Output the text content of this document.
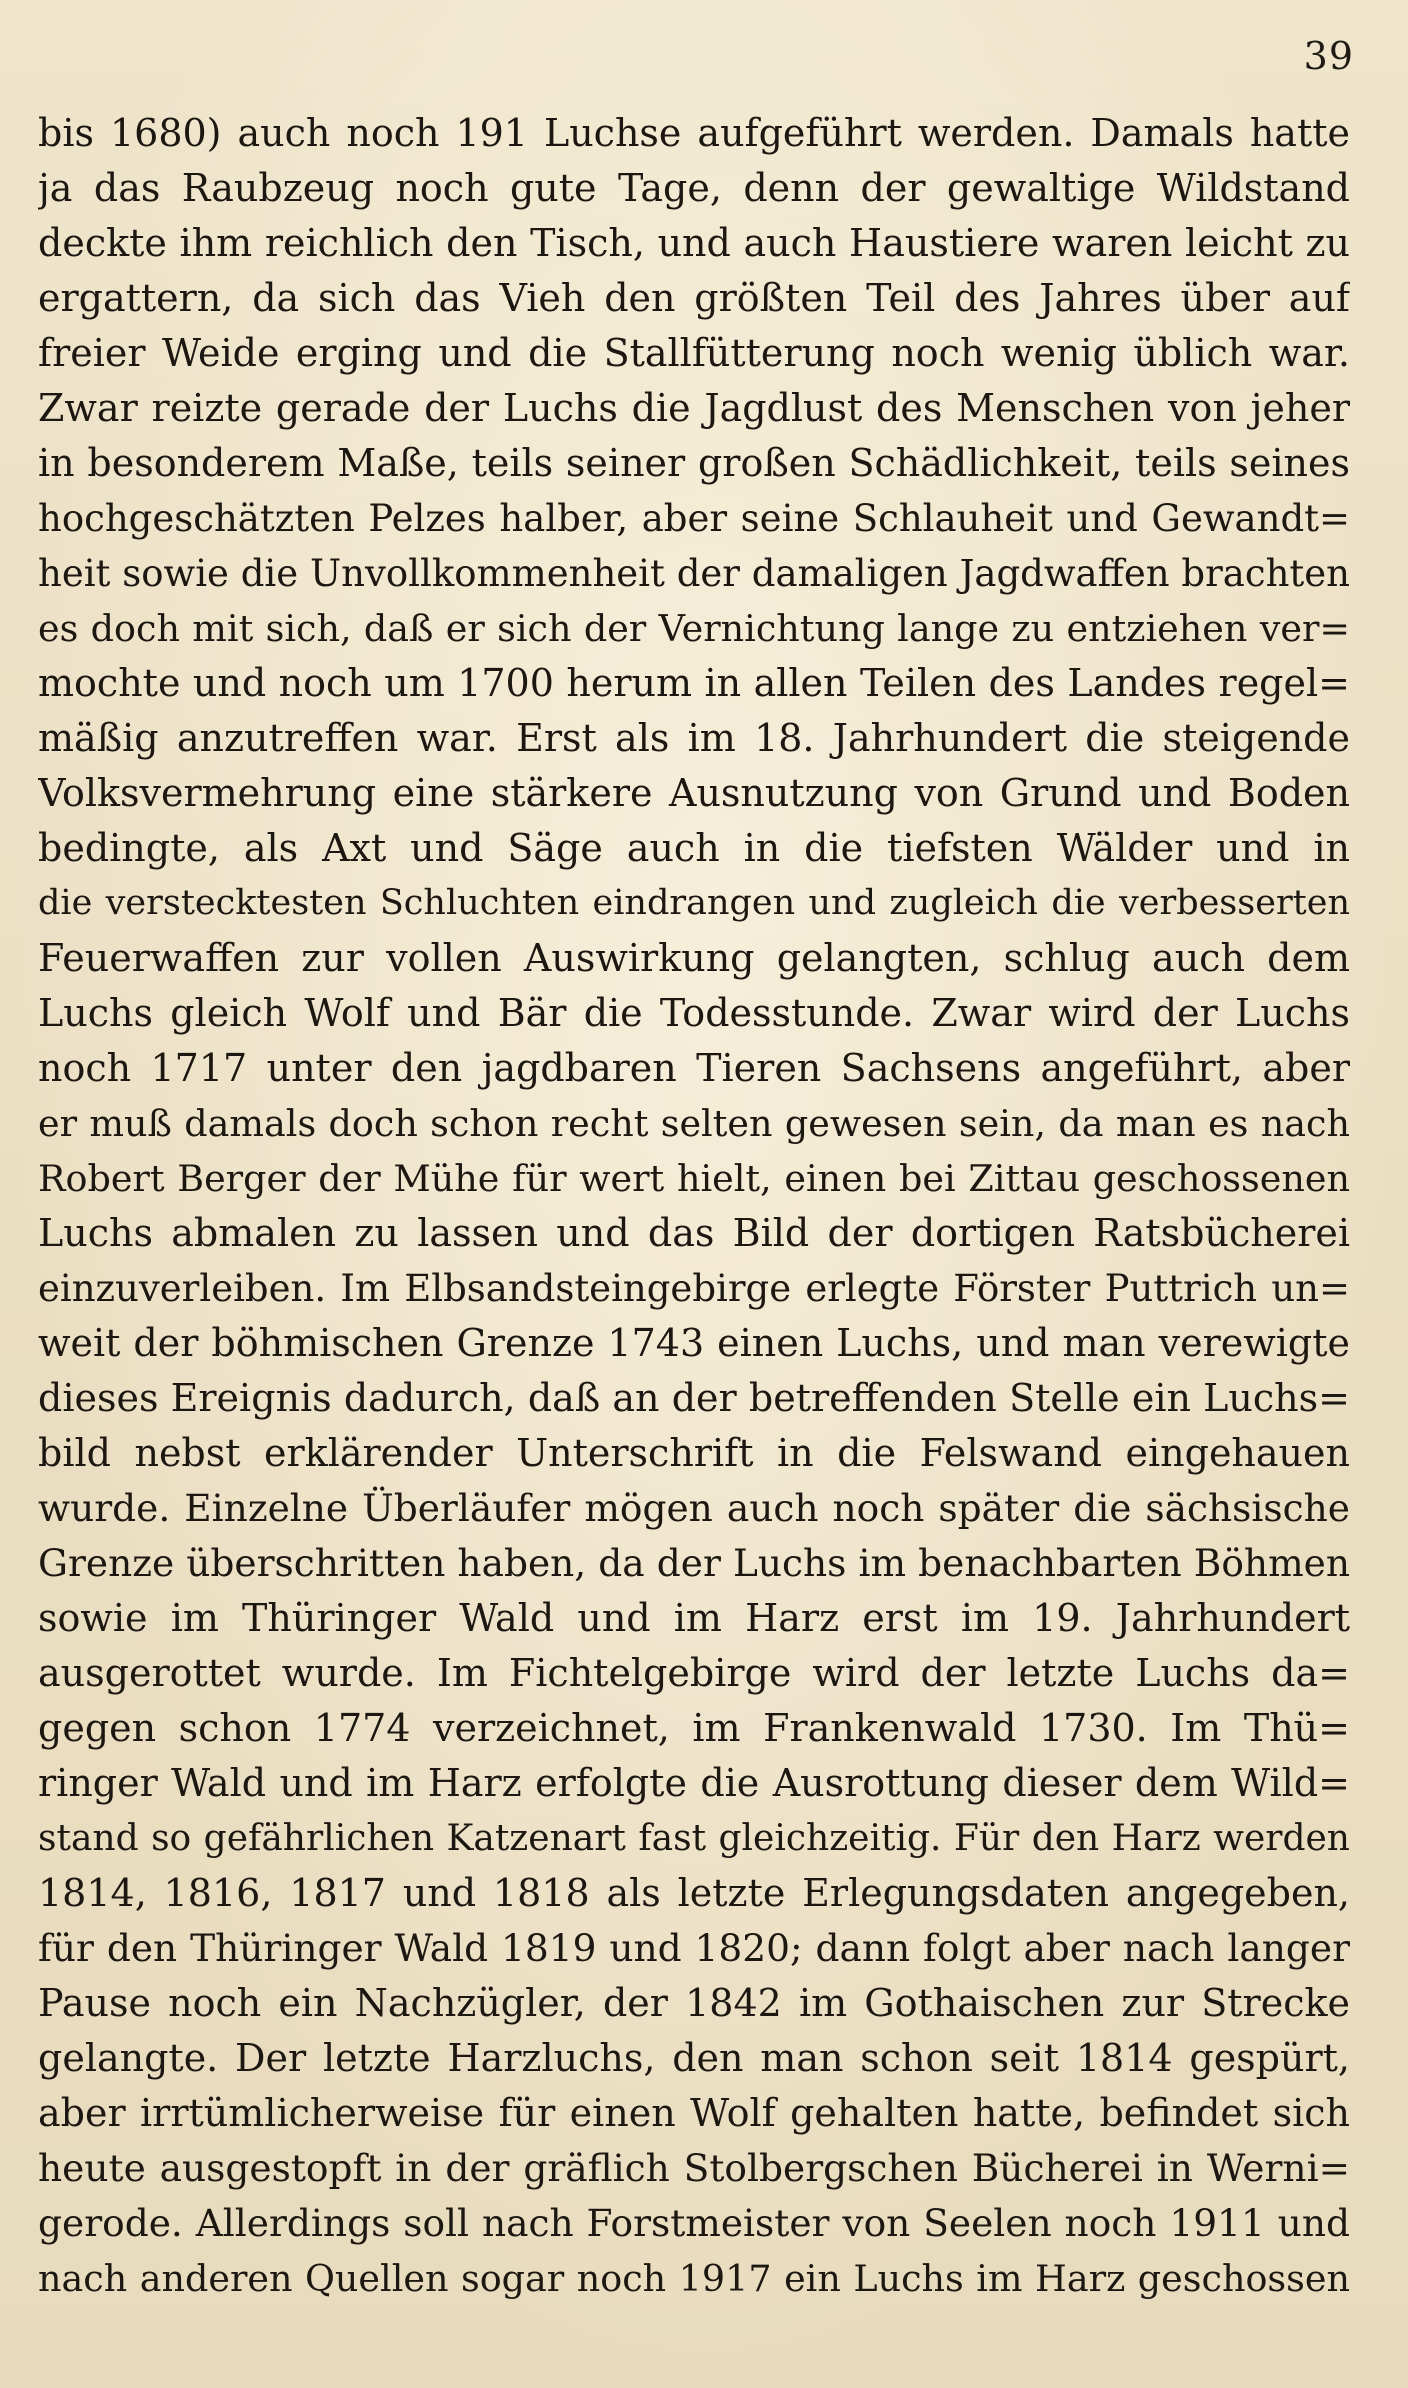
39
bis 1680) auch noch 191 Luchse aufgeführt werden. Damals hatte
ja das Raubzeug noch gute Tage, denn der gewaltige Wildstand
deckte ihm reichlich den Tisch, und auch Haustiere waren leicht zu
ergattern, da sich das Vieh den größten Teil des Jahres über auf
freier Weide erging und die Stallfütterung noch wenig üblich war.
Zwar reizte gerade der Luchs die Jagdlust des Menschen von jeher
in besonderem Maße, teils seiner großen Schädlichkeit, teils seines
hochgeschätzten Pelzes halber, aber seine Schlauheit und Gewandt=
heit sowie die Unvollkommenheit der damaligen Jagdwaffen brachten
es doch mit sich, daß er sich der Vernichtung lange zu entziehen ver=
mochte und noch um 1700 herum in allen Teilen des Landes regel=
mäßig anzutreffen war. Erst als im 18. Jahrhundert die steigende
Volksvermehrung eine stärkere Ausnutzung von Grund und Boden
bedingte, als Axt und Säge auch in die tiefsten Wälder und in
die verstecktesten Schluchten eindrangen und zugleich die verbesserten
Feuerwaffen zur vollen Auswirkung gelangten, schlug auch dem
Luchs gleich Wolf und Bär die Todesstunde. Zwar wird der Luchs
noch 1717 unter den jagdbaren Tieren Sachsens angeführt, aber
er muß damals doch schon recht selten gewesen sein, da man es nach
Robert Berger der Mühe für wert hielt, einen bei Zittau geschossenen
Luchs abmalen zu lassen und das Bild der dortigen Ratsbücherei
einzuverleiben. Im Elbsandsteingebirge erlegte Förster Puttrich un=
weit der böhmischen Grenze 1743 einen Luchs, und man verewigte
dieses Ereignis dadurch, daß an der betreffenden Stelle ein Luchs=
bild nebst erklärender Unterschrift in die Felswand eingehauen
wurde. Einzelne Überläufer mögen auch noch später die sächsische
Grenze überschritten haben, da der Luchs im benachbarten Böhmen
sowie im Thüringer Wald und im Harz erst im 19. Jahrhundert
ausgerottet wurde. Im Fichtelgebirge wird der letzte Luchs da=
gegen schon 1774 verzeichnet, im Frankenwald 1730. Im Thü=
ringer Wald und im Harz erfolgte die Ausrottung dieser dem Wild=
stand so gefährlichen Katzenart fast gleichzeitig. Für den Harz werden
1814, 1816, 1817 und 1818 als letzte Erlegungsdaten angegeben,
für den Thüringer Wald 1819 und 1820; dann folgt aber nach langer
Pause noch ein Nachzügler, der 1842 im Gothaischen zur Strecke
gelangte. Der letzte Harzluchs, den man schon seit 1814 gespürt,
aber irrtümlicherweise für einen Wolf gehalten hatte, befindet sich
heute ausgestopft in der gräflich Stolbergschen Bücherei in Werni=
gerode. Allerdings soll nach Forstmeister von Seelen noch 1911 und
nach anderen Quellen sogar noch 1917 ein Luchs im Harz geschossen
